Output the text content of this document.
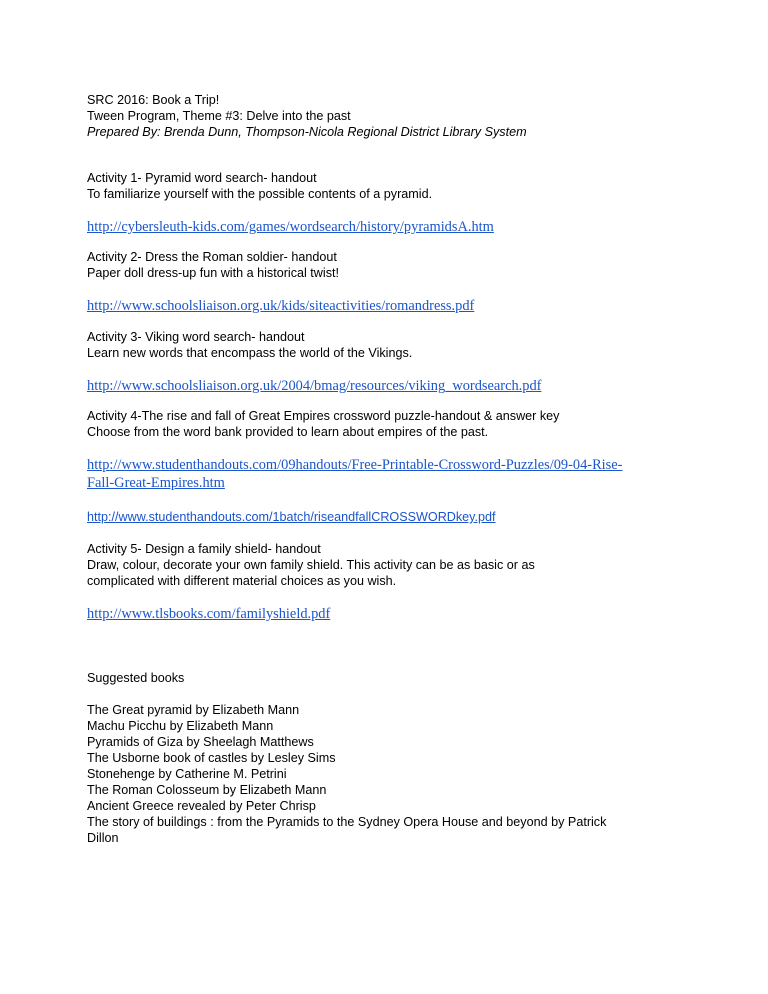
SRC 2016: Book a Trip!
Tween Program, Theme #3: Delve into the past
Prepared By: Brenda Dunn, Thompson-Nicola Regional District Library System
Activity 1- Pyramid word search- handout
To familiarize yourself with the possible contents of a pyramid.
http://cybersleuth-kids.com/games/wordsearch/history/pyramidsA.htm
Activity 2- Dress the Roman soldier- handout
Paper doll dress-up fun with a historical twist!
http://www.schoolsliaison.org.uk/kids/siteactivities/romandress.pdf
Activity 3- Viking word search- handout
Learn new words that encompass the world of the Vikings.
http://www.schoolsliaison.org.uk/2004/bmag/resources/viking_wordsearch.pdf
Activity 4-The rise and fall of Great Empires crossword puzzle-handout & answer key
Choose from the word bank provided to learn about empires of the past.
http://www.studenthandouts.com/09handouts/Free-Printable-Crossword-Puzzles/09-04-Rise-
Fall-Great-Empires.htm
http://www.studenthandouts.com/1batch/riseandfallCROSSWORDkey.pdf
Activity 5- Design a family shield- handout
Draw, colour, decorate your own family shield. This activity can be as basic or as
complicated with different material choices as you wish.
http://www.tlsbooks.com/familyshield.pdf
Suggested books
The Great pyramid by Elizabeth Mann
Machu Picchu by Elizabeth Mann
Pyramids of Giza by Sheelagh Matthews
The Usborne book of castles by Lesley Sims
Stonehenge by Catherine M. Petrini
The Roman Colosseum by Elizabeth Mann
Ancient Greece revealed by Peter Chrisp
The story of buildings : from the Pyramids to the Sydney Opera House and beyond by Patrick
Dillon
